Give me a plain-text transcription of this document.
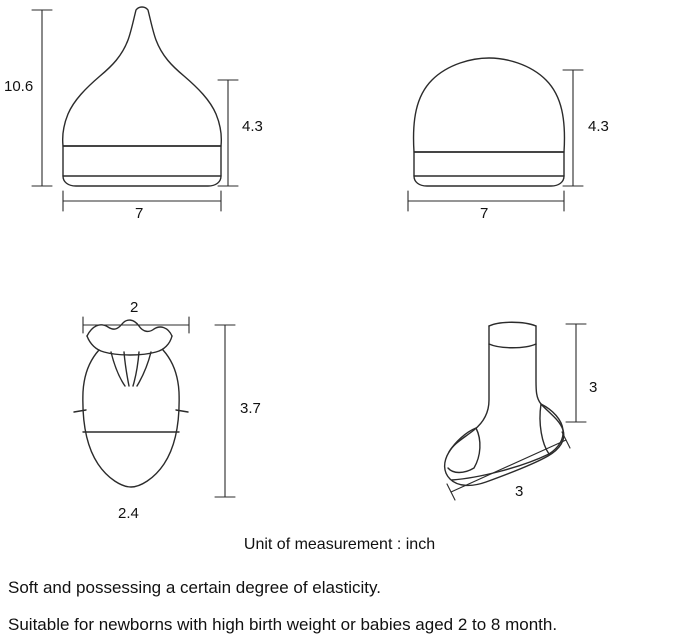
10.6
4.3
7
4.3
7
2
3.7
2.4
3
3
Unit of measurement : inch
Soft and possessing a certain degree of elasticity.
Suitable for newborns with high birth weight or babies aged 2 to 8 month.
